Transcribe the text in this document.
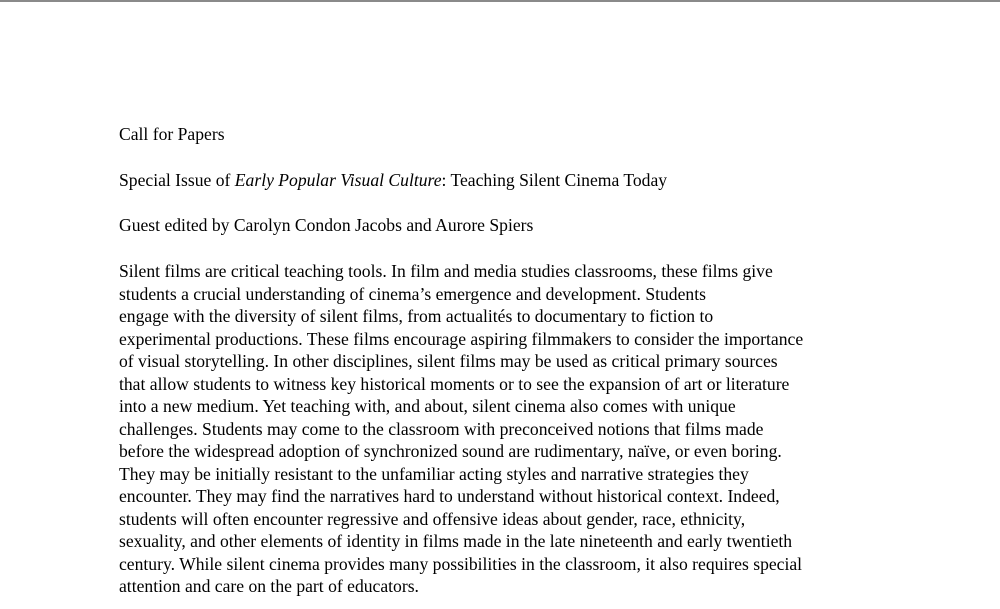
Call for Papers
Special Issue of Early Popular Visual Culture: Teaching Silent Cinema Today
Guest edited by Carolyn Condon Jacobs and Aurore Spiers
Silent films are critical teaching tools. In film and media studies classrooms, these films give
students a crucial understanding of cinema’s emergence and development. Students
engage with the diversity of silent films, from actualités to documentary to fiction to
experimental productions. These films encourage aspiring filmmakers to consider the importance
of visual storytelling. In other disciplines, silent films may be used as critical primary sources
that allow students to witness key historical moments or to see the expansion of art or literature
into a new medium. Yet teaching with, and about, silent cinema also comes with unique
challenges. Students may come to the classroom with preconceived notions that films made
before the widespread adoption of synchronized sound are rudimentary, naïve, or even boring.
They may be initially resistant to the unfamiliar acting styles and narrative strategies they
encounter. They may find the narratives hard to understand without historical context. Indeed,
students will often encounter regressive and offensive ideas about gender, race, ethnicity,
sexuality, and other elements of identity in films made in the late nineteenth and early twentieth
century. While silent cinema provides many possibilities in the classroom, it also requires special
attention and care on the part of educators.
